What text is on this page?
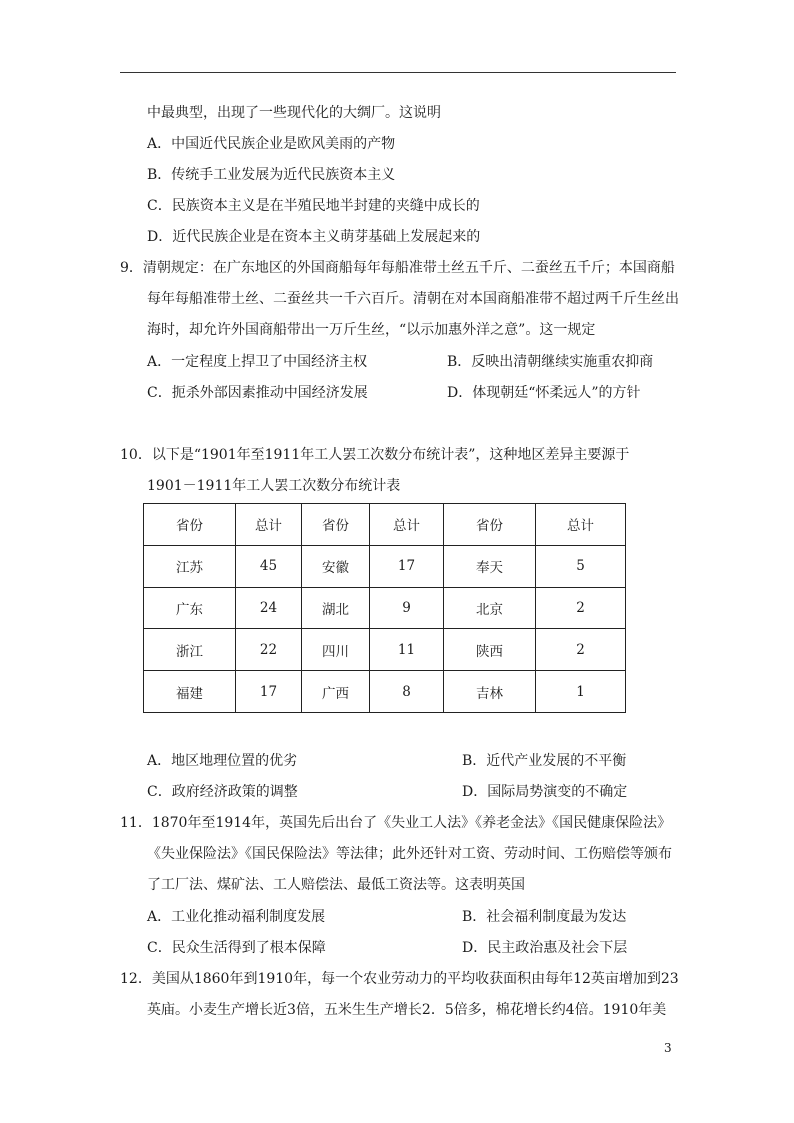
中最典型，出现了一些现代化的大绸厂。这说明
A．中国近代民族企业是欧风美雨的产物
B．传统手工业发展为近代民族资本主义
C．民族资本主义是在半殖民地半封建的夹缝中成长的
D．近代民族企业是在资本主义萌芽基础上发展起来的
9．清朝规定：在广东地区的外国商船每年每船准带土丝五千斤、二蚕丝五千斤；本国商船
每年每船准带土丝、二蚕丝共一千六百斤。清朝在对本国商船准带不超过两千斤生丝出
海时，却允许外国商船带出一万斤生丝，“以示加惠外洋之意”。这一规定
A．一定程度上捍卫了中国经济主权	B．反映出清朝继续实施重农抑商
C．扼杀外部因素推动中国经济发展	D．体现朝廷“怀柔远人”的方针
10．以下是“1901年至1911年工人罢工次数分布统计表”，这种地区差异主要源于
1901－1911年工人罢工次数分布统计表
省份	总计	省份	总计	省份	总计
江苏	45	安徽	17	奉天	5
广东	24	湖北	9	北京	2
浙江	22	四川	11	陕西	2
福建	17	广西	8	吉林	1
A．地区地理位置的优劣	B．近代产业发展的不平衡
C．政府经济政策的调整	D．国际局势演变的不确定
11．1870年至1914年，英国先后出台了《失业工人法》《养老金法》《国民健康保险法》
《失业保险法》《国民保险法》等法律；此外还针对工资、劳动时间、工伤赔偿等颁布
了工厂法、煤矿法、工人赔偿法、最低工资法等。这表明英国
A．工业化推动福利制度发展	B．社会福利制度最为发达
C．民众生活得到了根本保障	D．民主政治惠及社会下层
12．美国从1860年到1910年，每一个农业劳动力的平均收获面积由每年12英亩增加到23
英庙。小麦生产增长近3倍，五米生生产增长2．5倍多，棉花增长约4倍。1910年美
3
